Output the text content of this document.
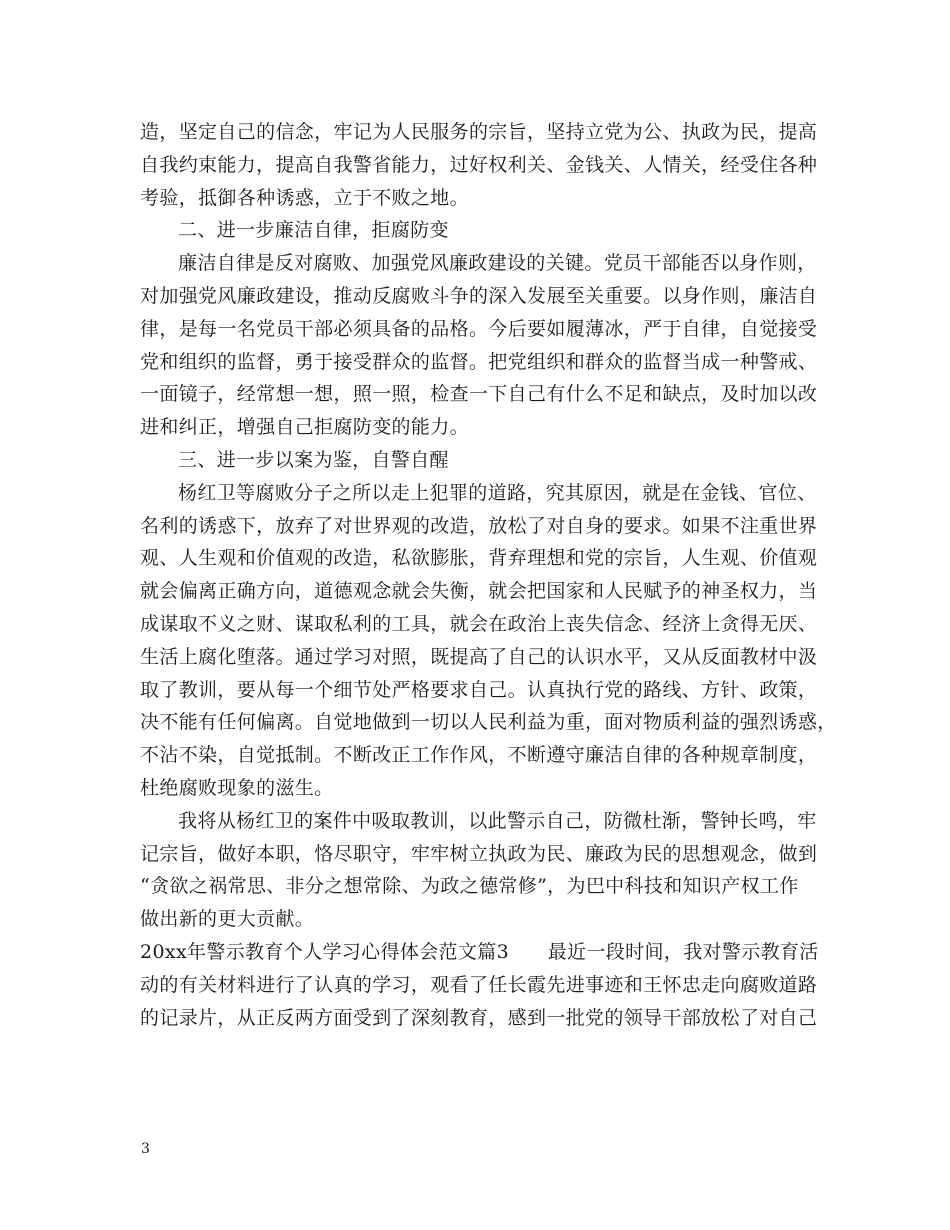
造，坚定自己的信念，牢记为人民服务的宗旨，坚持立党为公、执政为民，提高
自我约束能力，提高自我警省能力，过好权利关、金钱关、人情关，经受住各种
考验，抵御各种诱惑，立于不败之地。
二、进一步廉洁自律，拒腐防变
廉洁自律是反对腐败、加强党风廉政建设的关键。党员干部能否以身作则，
对加强党风廉政建设，推动反腐败斗争的深入发展至关重要。以身作则，廉洁自
律，是每一名党员干部必须具备的品格。今后要如履薄冰，严于自律，自觉接受
党和组织的监督，勇于接受群众的监督。把党组织和群众的监督当成一种警戒、
一面镜子，经常想一想，照一照，检查一下自己有什么不足和缺点，及时加以改
进和纠正，增强自己拒腐防变的能力。
三、进一步以案为鉴，自警自醒
杨红卫等腐败分子之所以走上犯罪的道路，究其原因，就是在金钱、官位、
名利的诱惑下，放弃了对世界观的改造，放松了对自身的要求。如果不注重世界
观、人生观和价值观的改造，私欲膨胀，背弃理想和党的宗旨，人生观、价值观
就会偏离正确方向，道德观念就会失衡，就会把国家和人民赋予的神圣权力，当
成谋取不义之财、谋取私利的工具，就会在政治上丧失信念、经济上贪得无厌、
生活上腐化堕落。通过学习对照，既提高了自己的认识水平，又从反面教材中汲
取了教训，要从每一个细节处严格要求自己。认真执行党的路线、方针、政策，
决不能有任何偏离。自觉地做到一切以人民利益为重，面对物质利益的强烈诱惑，
不沾不染，自觉抵制。不断改正工作作风，不断遵守廉洁自律的各种规章制度，
杜绝腐败现象的滋生。
我将从杨红卫的案件中吸取教训，以此警示自己，防微杜渐，警钟长鸣，牢
记宗旨，做好本职，恪尽职守，牢牢树立执政为民、廉政为民的思想观念，做到
“贪欲之祸常思、非分之想常除、为政之德常修”，为巴中科技和知识产权工作
做出新的更大贡献。
20xx年警示教育个人学习心得体会范文篇3　　最近一段时间，我对警示教育活
动的有关材料进行了认真的学习，观看了任长霞先进事迹和王怀忠走向腐败道路
的记录片，从正反两方面受到了深刻教育，感到一批党的领导干部放松了对自己
3
